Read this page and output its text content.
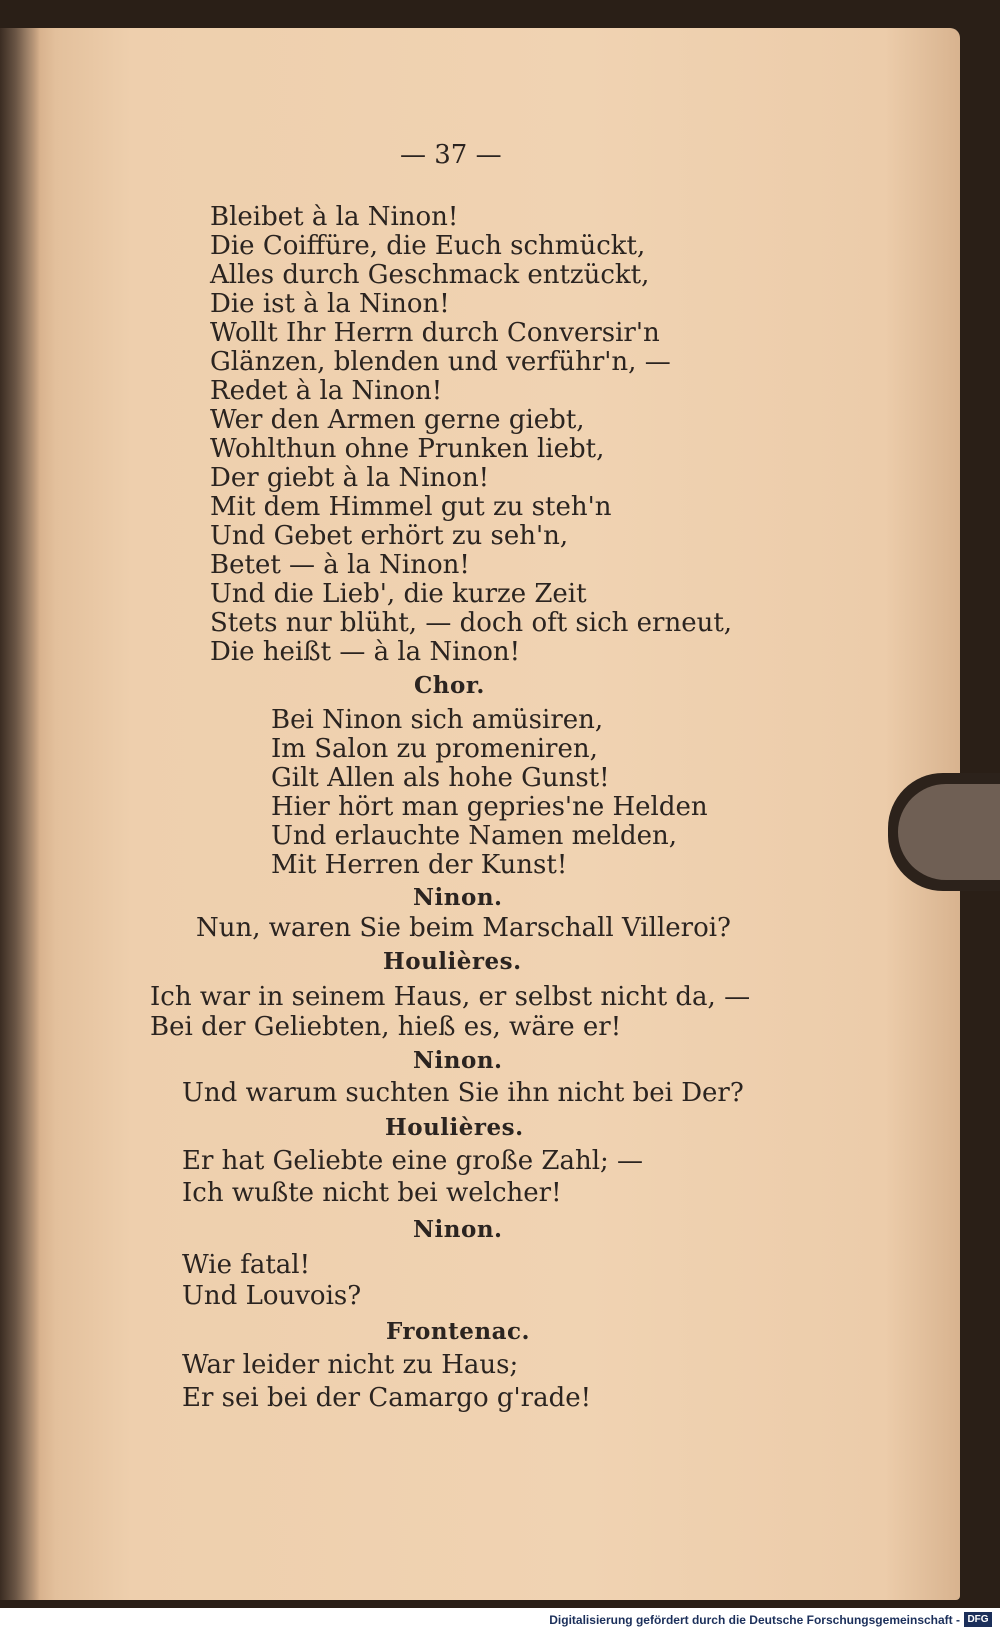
— 37 —
Bleibet à la Ninon!
Die Coiffüre, die Euch schmückt,
Alles durch Geschmack entzückt,
Die ist à la Ninon!
Wollt Ihr Herrn durch Conversir'n
Glänzen, blenden und verführ'n, —
Redet à la Ninon!
Wer den Armen gerne giebt,
Wohlthun ohne Prunken liebt,
Der giebt à la Ninon!
Mit dem Himmel gut zu steh'n
Und Gebet erhört zu seh'n,
Betet — à la Ninon!
Und die Lieb', die kurze Zeit
Stets nur blüht, — doch oft sich erneut,
Die heißt — à la Ninon!
Chor.
Bei Ninon sich amüsiren,
Im Salon zu promeniren,
Gilt Allen als hohe Gunst!
Hier hört man gepries'ne Helden
Und erlauchte Namen melden,
Mit Herren der Kunst!
Ninon.
Nun, waren Sie beim Marschall Villeroi?
Houlières.
Ich war in seinem Haus, er selbst nicht da, —
Bei der Geliebten, hieß es, wäre er!
Ninon.
Und warum suchten Sie ihn nicht bei Der?
Houlières.
Er hat Geliebte eine große Zahl; —
Ich wußte nicht bei welcher!
Ninon.
Wie fatal!
Und Louvois?
Frontenac.
War leider nicht zu Haus;
Er sei bei der Camargo g'rade!
Digitalisierung gefördert durch die Deutsche Forschungsgemeinschaft - DFG
